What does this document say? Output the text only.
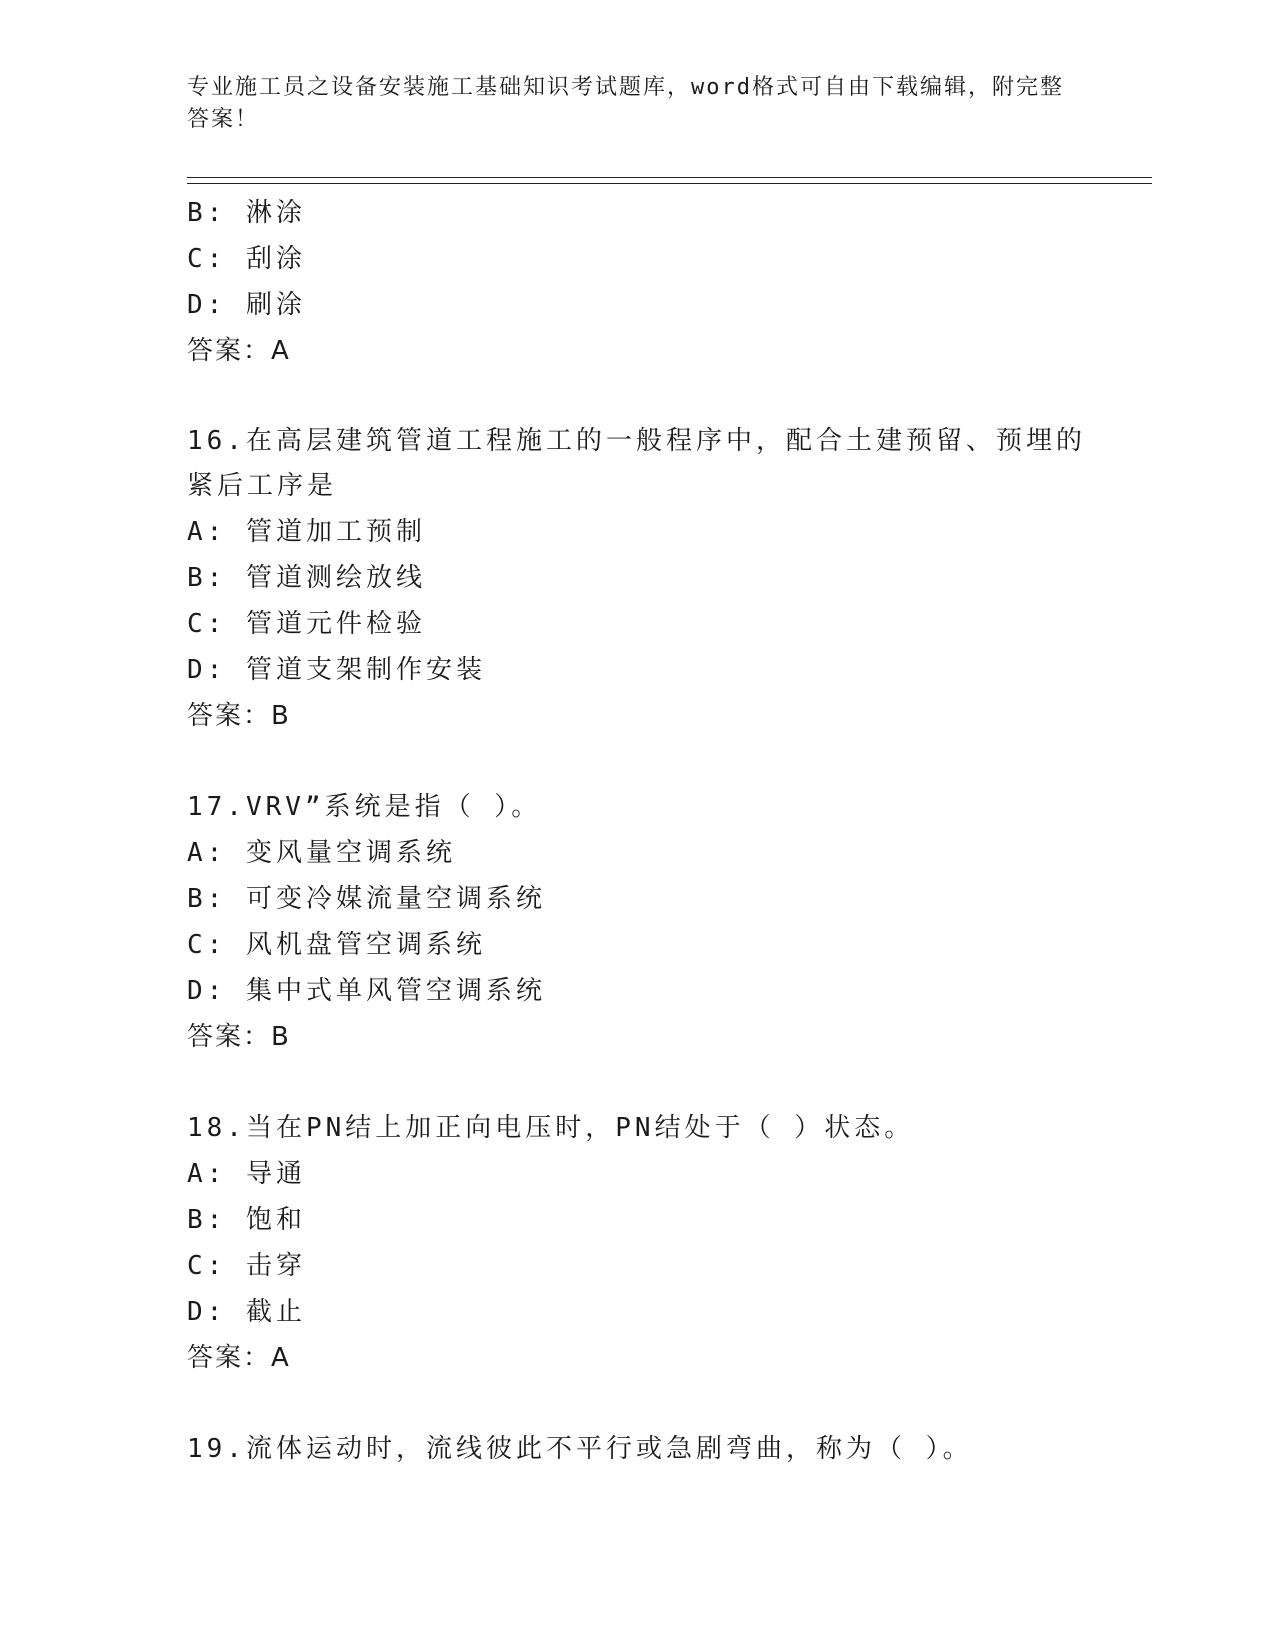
专业施工员之设备安装施工基础知识考试题库，word格式可自由下载编辑，附完整答案！
B: 淋涂
C: 刮涂
D: 刷涂
答案：A
16.在高层建筑管道工程施工的一般程序中，配合土建预留、预埋的紧后工序是
A: 管道加工预制
B: 管道测绘放线
C: 管道元件检验
D: 管道支架制作安装
答案：B
17.VRV”系统是指（ ）。
A: 变风量空调系统
B: 可变冷媒流量空调系统
C: 风机盘管空调系统
D: 集中式单风管空调系统
答案：B
18.当在PN结上加正向电压时，PN结处于（ ）状态。
A: 导通
B: 饱和
C: 击穿
D: 截止
答案：A
19.流体运动时，流线彼此不平行或急剧弯曲，称为（ ）。
